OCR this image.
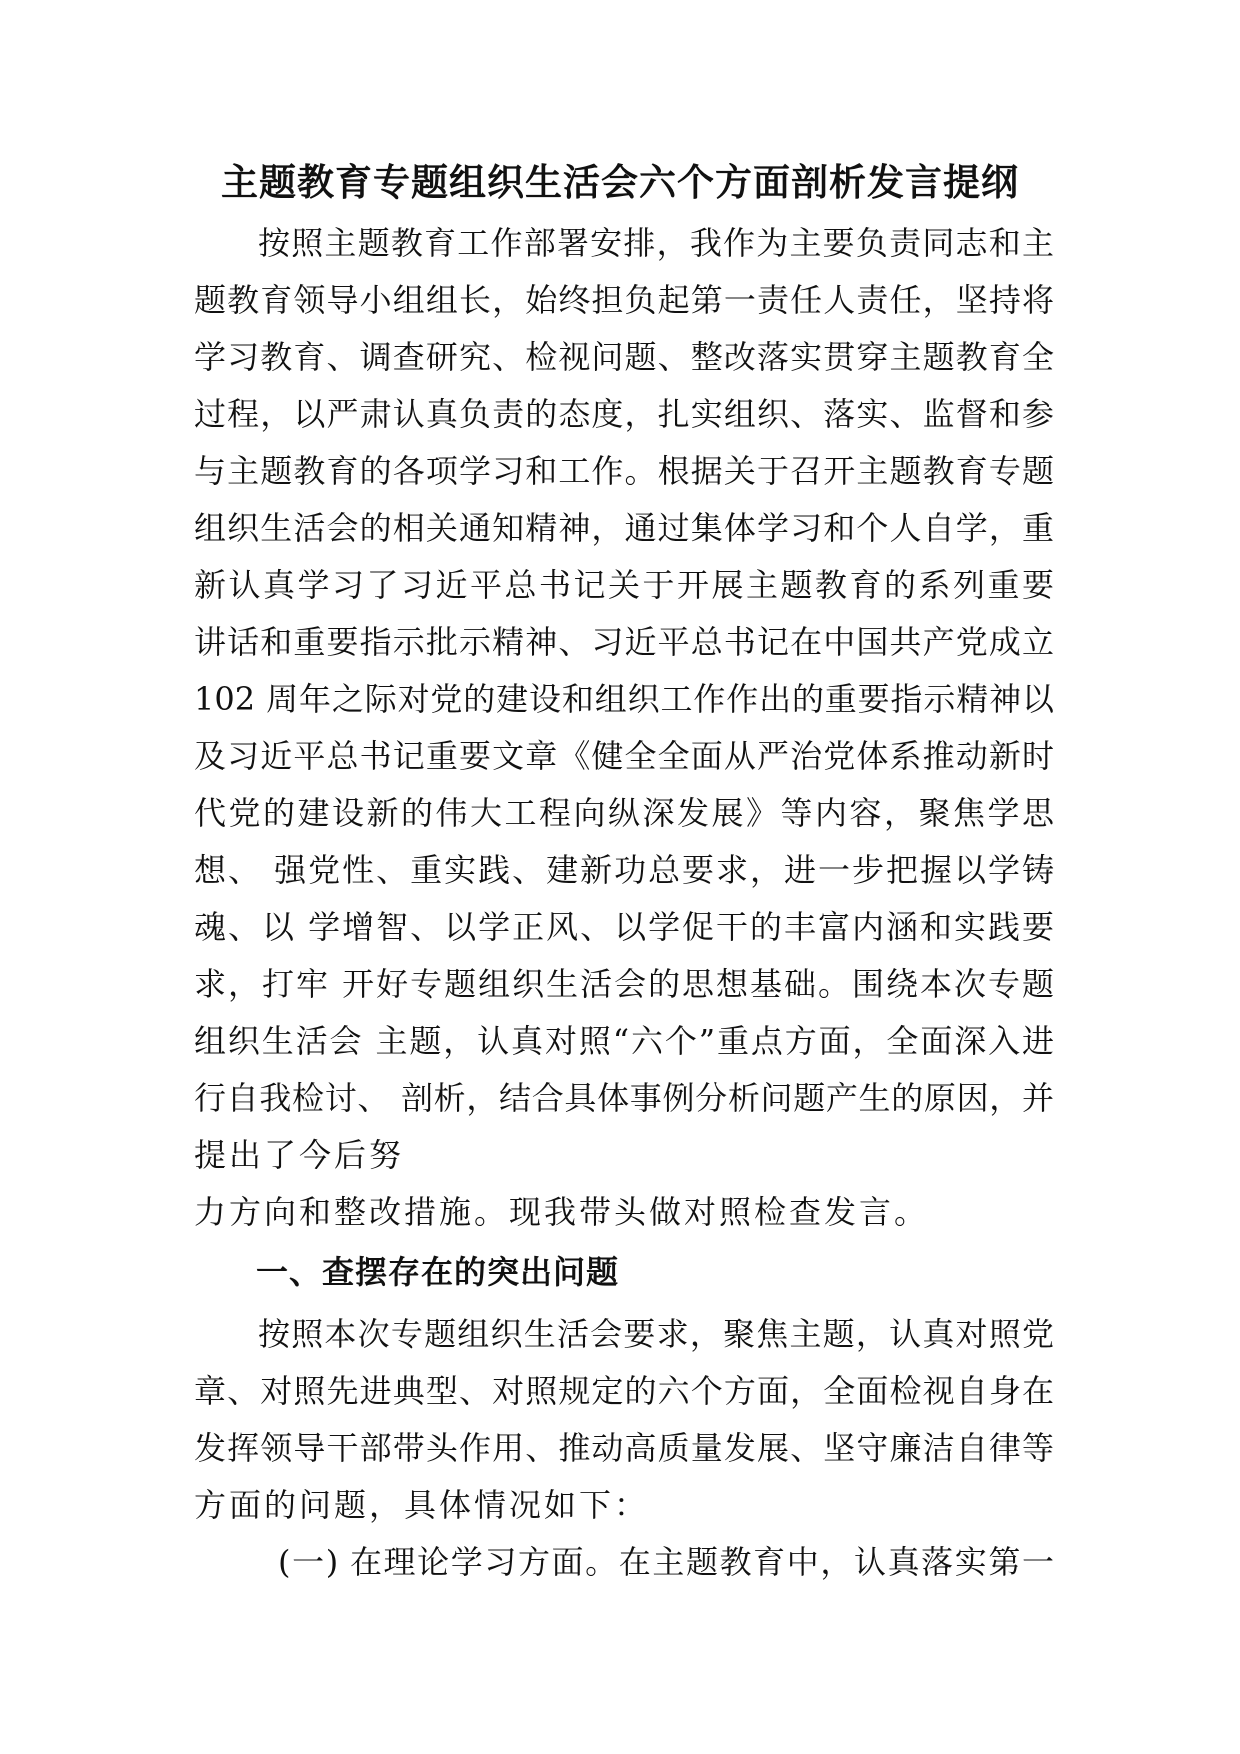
主题教育专题组织生活会六个方面剖析发言提纲

按照主题教育工作部署安排，我作为主要负责同志和主

题教育领导小组组长，始终担负起第一责任人责任，坚持将

学习教育、调查研究、检视问题、整改落实贯穿主题教育全

过程，以严肃认真负责的态度，扎实组织、落实、监督和参

与主题教育的各项学习和工作。根据关于召开主题教育专题

组织生活会的相关通知精神，通过集体学习和个人自学，重

新认真学习了习近平总书记关于开展主题教育的系列重要

讲话和重要指示批示精神、习近平总书记在中国共产党成立

102 周年之际对党的建设和组织工作作出的重要指示精神以

及习近平总书记重要文章《健全全面从严治党体系推动新时

代党的建设新的伟大工程向纵深发展》等内容，聚焦学思

想、 强党性、重实践、建新功总要求，进一步把握以学铸

魂、以 学增智、以学正风、以学促干的丰富内涵和实践要

求，打牢 开好专题组织生活会的思想基础。围绕本次专题

组织生活会 主题，认真对照“六个”重点方面，全面深入进

行自我检讨、 剖析，结合具体事例分析问题产生的原因，并

提出了今后努

力方向和整改措施。现我带头做对照检查发言。

一、查摆存在的突出问题

按照本次专题组织生活会要求，聚焦主题，认真对照党

章、对照先进典型、对照规定的六个方面，全面检视自身在

发挥领导干部带头作用、推动高质量发展、坚守廉洁自律等

方面的问题，具体情况如下：

(一) 在理论学习方面。在主题教育中，认真落实第一
